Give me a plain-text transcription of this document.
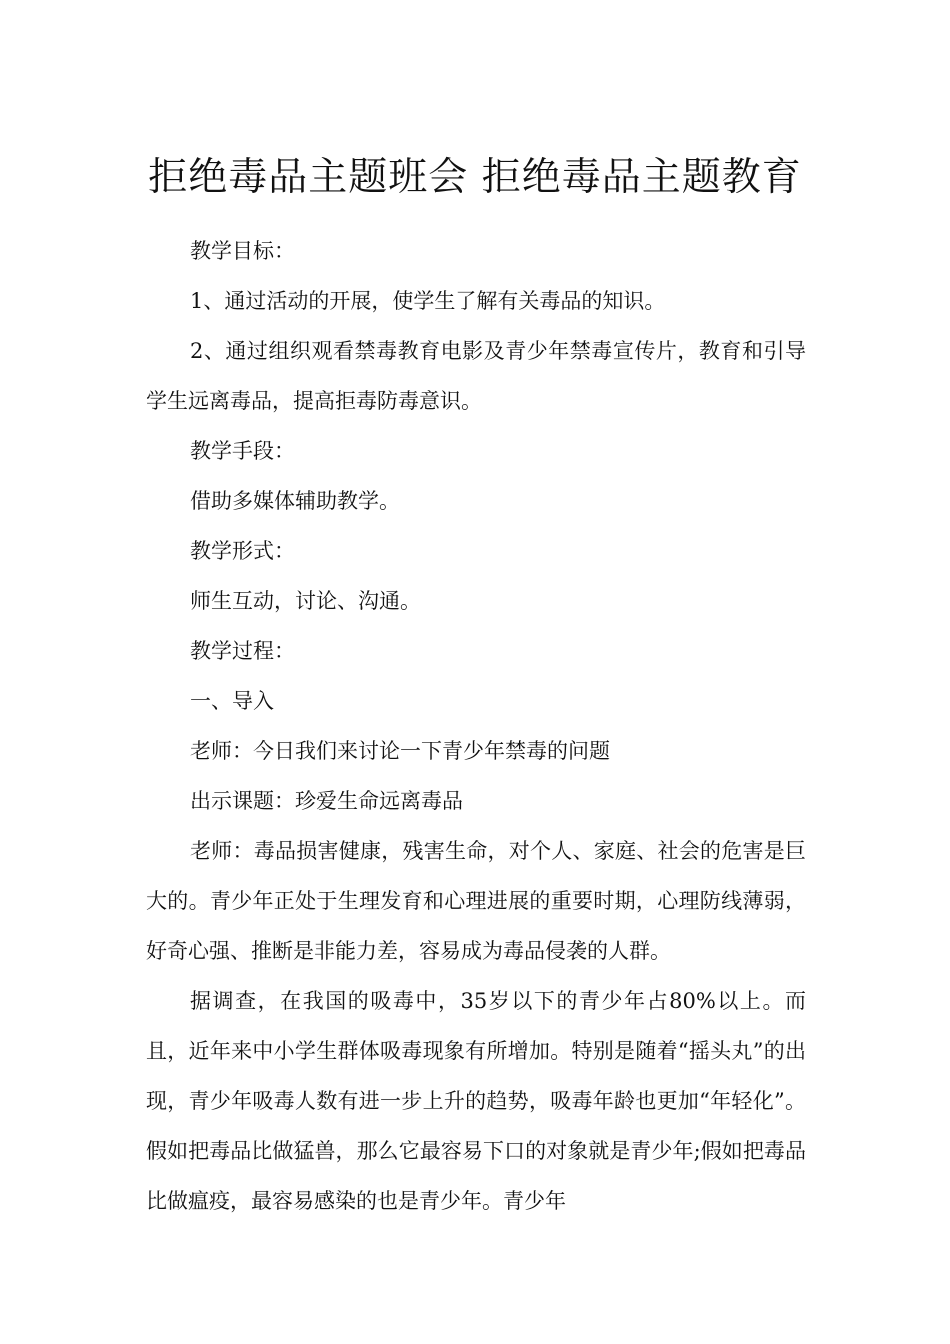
拒绝毒品主题班会 拒绝毒品主题教育

教学目标：

1、通过活动的开展，使学生了解有关毒品的知识。

2、通过组织观看禁毒教育电影及青少年禁毒宣传片，教育和引导学生远离毒品，提高拒毒防毒意识。

教学手段：

借助多媒体辅助教学。

教学形式：

师生互动，讨论、沟通。

教学过程：

一、导入

老师：今日我们来讨论一下青少年禁毒的问题

出示课题：珍爱生命远离毒品

老师：毒品损害健康，残害生命，对个人、家庭、社会的危害是巨大的。青少年正处于生理发育和心理进展的重要时期，心理防线薄弱，好奇心强、推断是非能力差，容易成为毒品侵袭的人群。

据调查，在我国的吸毒中，35岁以下的青少年占80%以上。而且，近年来中小学生群体吸毒现象有所增加。特别是随着“摇头丸”的出现，青少年吸毒人数有进一步上升的趋势，吸毒年龄也更加“年轻化”。假如把毒品比做猛兽，那么它最容易下口的对象就是青少年;假如把毒品比做瘟疫，最容易感染的也是青少年。青少年
